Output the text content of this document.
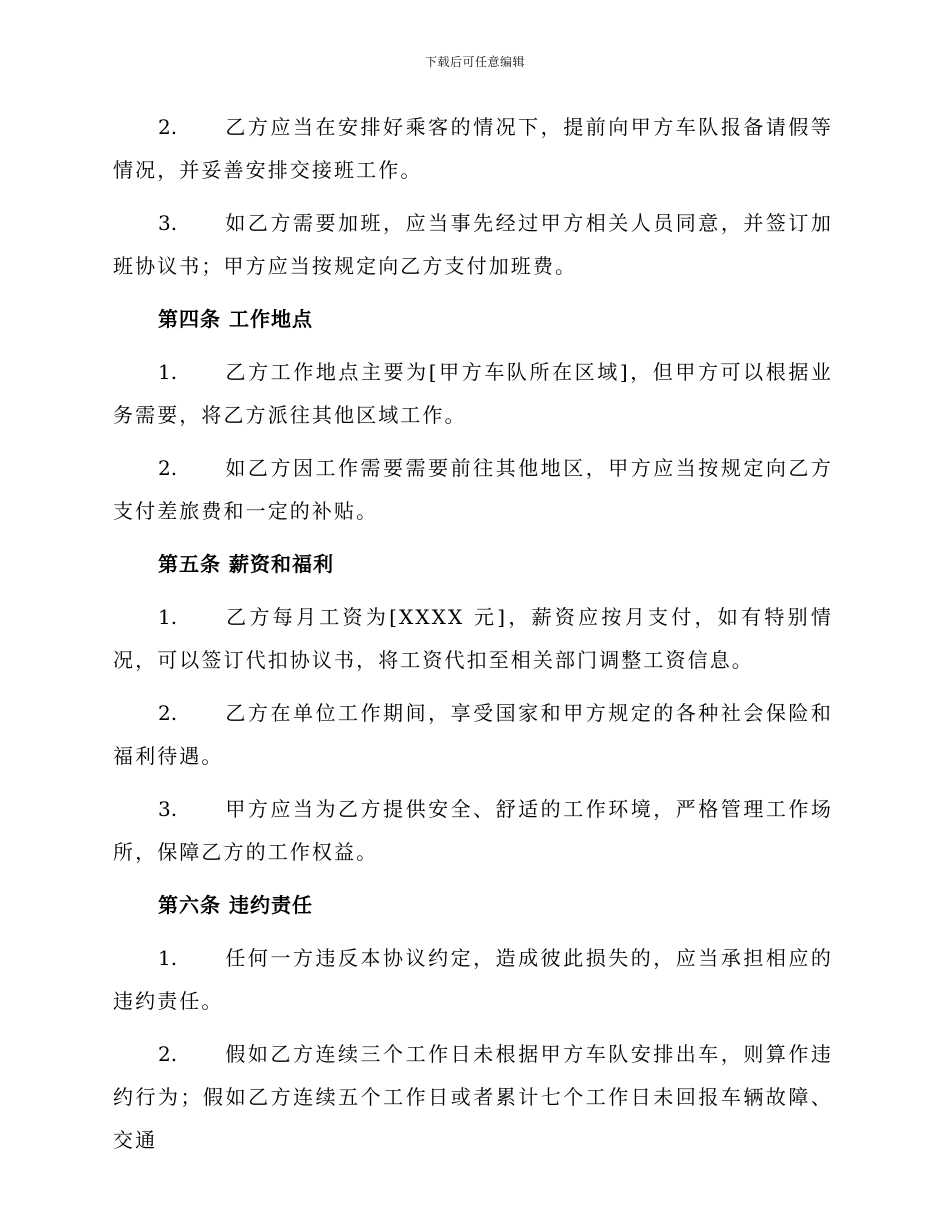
下载后可任意编辑

2. 乙方应当在安排好乘客的情况下，提前向甲方车队报备请假等情况，并妥善安排交接班工作。

3. 如乙方需要加班，应当事先经过甲方相关人员同意，并签订加班协议书；甲方应当按规定向乙方支付加班费。

第四条 工作地点

1. 乙方工作地点主要为[甲方车队所在区域]，但甲方可以根据业务需要，将乙方派往其他区域工作。

2. 如乙方因工作需要需要前往其他地区，甲方应当按规定向乙方支付差旅费和一定的补贴。

第五条 薪资和福利

1. 乙方每月工资为[XXXX 元]，薪资应按月支付，如有特别情况，可以签订代扣协议书，将工资代扣至相关部门调整工资信息。

2. 乙方在单位工作期间，享受国家和甲方规定的各种社会保险和福利待遇。

3. 甲方应当为乙方提供安全、舒适的工作环境，严格管理工作场所，保障乙方的工作权益。

第六条 违约责任

1. 任何一方违反本协议约定，造成彼此损失的，应当承担相应的违约责任。

2. 假如乙方连续三个工作日未根据甲方车队安排出车，则算作违约行为；假如乙方连续五个工作日或者累计七个工作日未回报车辆故障、交通
